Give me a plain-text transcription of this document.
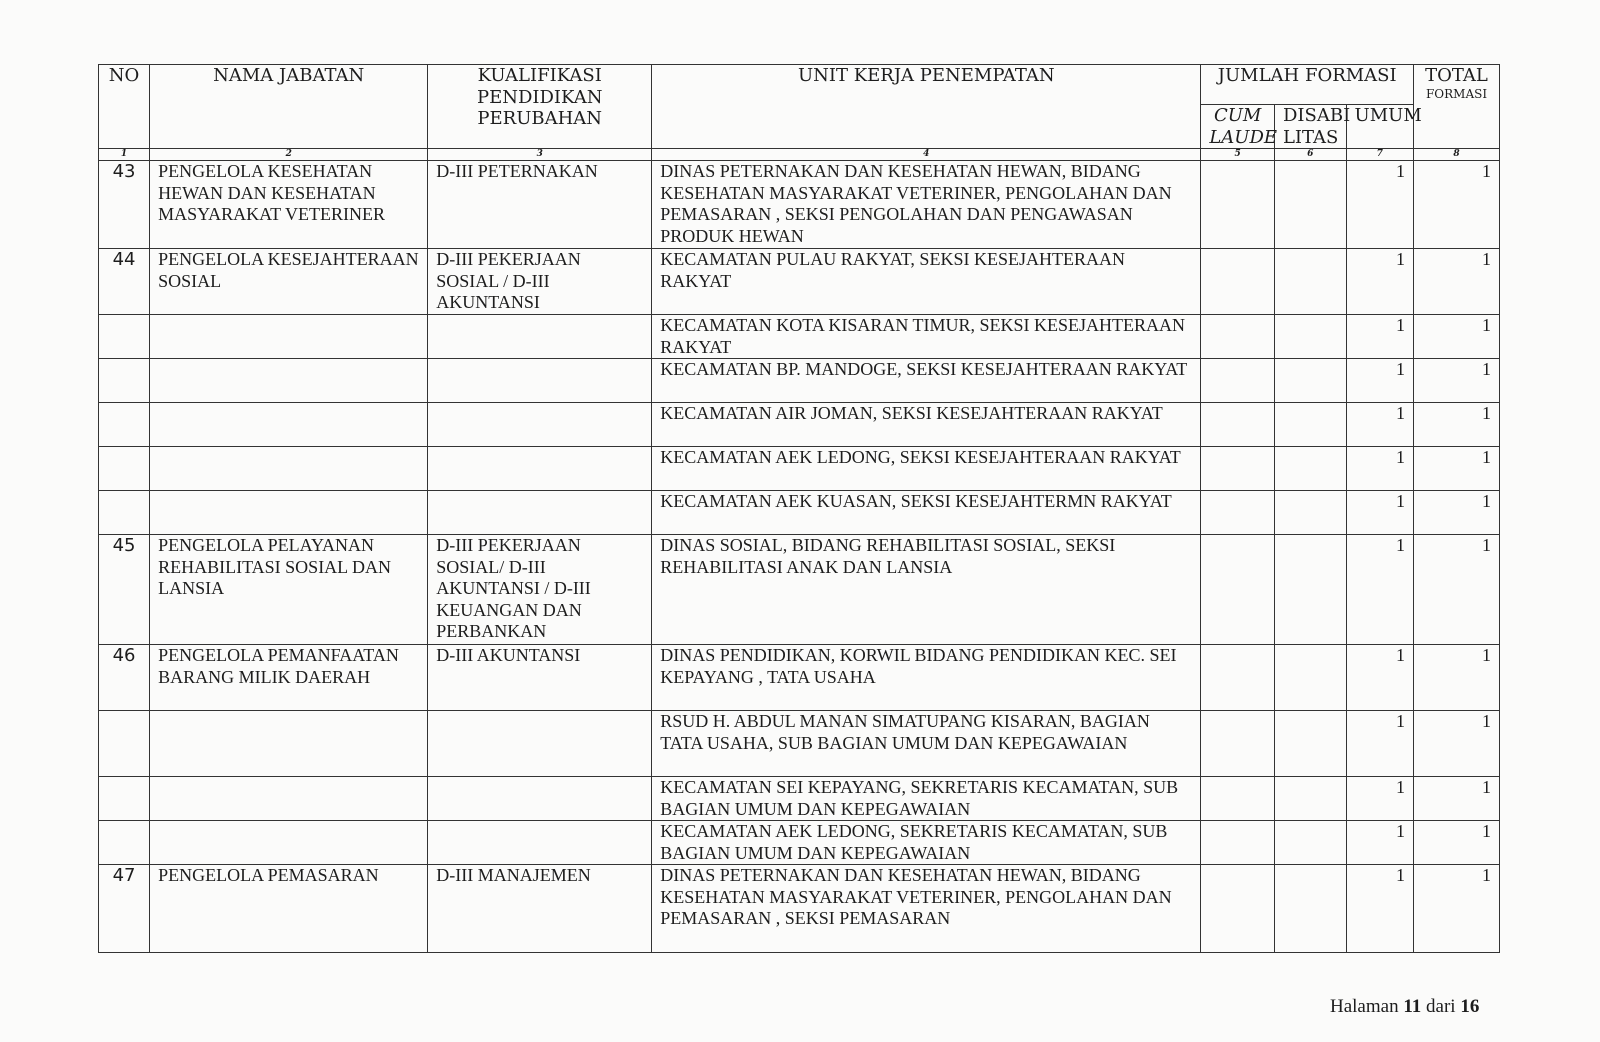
NO	NAMA JABATAN	KUALIFIKASI PENDIDIKAN PERUBAHAN	UNIT KERJA PENEMPATAN	JUMLAH FORMASI			TOTAL
FORMASI

				CUM LAUDE	DISABI LITAS	UMUM	
1	2	3	4	5	6	7	8
43	PENGELOLA KESEHATAN HEWAN DAN KESEHATAN MASYARAKAT VETERINER	D-III PETERNAKAN	DINAS PETERNAKAN DAN KESEHATAN HEWAN, BIDANG KESEHATAN MASYARAKAT VETERINER, PENGOLAHAN DAN PEMASARAN , SEKSI PENGOLAHAN DAN PENGAWASAN PRODUK HEWAN			1	1
44	PENGELOLA KESEJAHTERAAN SOSIAL	D-III PEKERJAAN SOSIAL / D-III AKUNTANSI	KECAMATAN PULAU RAKYAT, SEKSI KESEJAHTERAAN RAKYAT			1	1
			KECAMATAN KOTA KISARAN TIMUR, SEKSI KESEJAHTERAAN RAKYAT			1	1
			KECAMATAN BP. MANDOGE, SEKSI KESEJAHTERAAN RAKYAT			1	1
			KECAMATAN AIR JOMAN, SEKSI KESEJAHTERAAN RAKYAT			1	1
			KECAMATAN AEK LEDONG, SEKSI KESEJAHTERAAN RAKYAT			1	1
			KECAMATAN AEK KUASAN, SEKSI KESEJAHTERMN RAKYAT			1	1
45	PENGELOLA PELAYANAN REHABILITASI SOSIAL DAN LANSIA	D-III PEKERJAAN SOSIAL/ D-III AKUNTANSI / D-III KEUANGAN DAN PERBANKAN	DINAS SOSIAL, BIDANG REHABILITASI SOSIAL, SEKSI REHABILITASI ANAK DAN LANSIA			1	1
46	PENGELOLA PEMANFAATAN BARANG MILIK DAERAH	D-III AKUNTANSI	DINAS PENDIDIKAN, KORWIL BIDANG PENDIDIKAN KEC. SEI KEPAYANG , TATA USAHA			1	1
			RSUD H. ABDUL MANAN SIMATUPANG KISARAN, BAGIAN TATA USAHA, SUB BAGIAN UMUM DAN KEPEGAWAIAN			1	1
			KECAMATAN SEI KEPAYANG, SEKRETARIS KECAMATAN, SUB BAGIAN UMUM DAN KEPEGAWAIAN			1	1
			KECAMATAN AEK LEDONG, SEKRETARIS KECAMATAN, SUB BAGIAN UMUM DAN KEPEGAWAIAN			1	1
47	PENGELOLA PEMASARAN	D-III MANAJEMEN	DINAS PETERNAKAN DAN KESEHATAN HEWAN, BIDANG KESEHATAN MASYARAKAT VETERINER, PENGOLAHAN DAN PEMASARAN , SEKSI PEMASARAN			1	1
Halaman 11 dari 16
